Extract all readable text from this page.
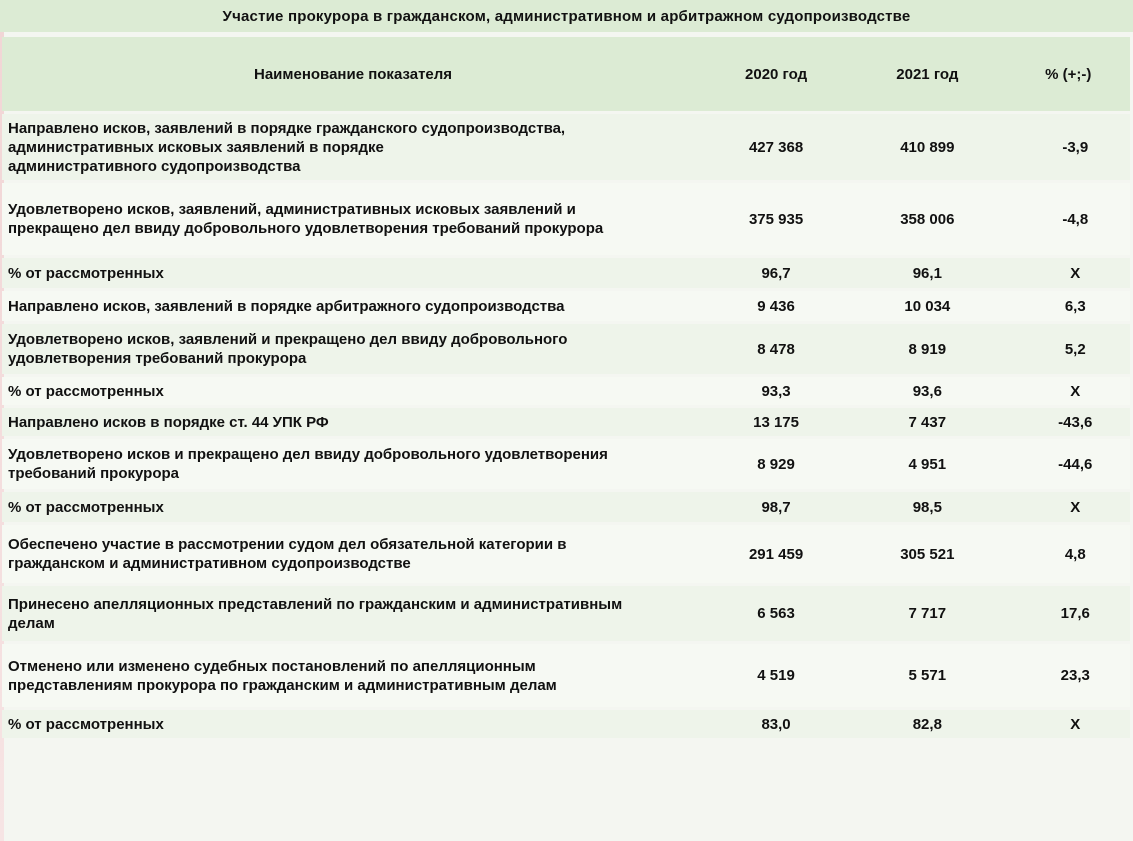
Участие прокурора в гражданском, административном и арбитражном судопроизводстве
Наименование показателя	2020 год	2021 год	% (+;-)
Направлено исков, заявлений в порядке гражданского судопроизводства,
административных исковых заявлений в порядке
административного судопроизводства	427 368	410 899	-3,9
Удовлетворено исков, заявлений, административных исковых заявлений и
прекращено дел ввиду добровольного удовлетворения требований прокурора	375 935	358 006	-4,8
% от рассмотренных	96,7	96,1	Х
Направлено исков, заявлений в порядке арбитражного судопроизводства	9 436	10 034	6,3
Удовлетворено исков, заявлений и прекращено дел ввиду добровольного
удовлетворения требований прокурора	8 478	8 919	5,2
% от рассмотренных	93,3	93,6	Х
Направлено исков в порядке ст. 44 УПК РФ	13 175	7 437	-43,6
Удовлетворено исков и прекращено дел ввиду добровольного удовлетворения
требований прокурора	8 929	4 951	-44,6
% от рассмотренных	98,7	98,5	Х
Обеспечено участие в рассмотрении судом дел обязательной категории в
гражданском и административном судопроизводстве	291 459	305 521	4,8
Принесено апелляционных представлений по гражданским и административным
делам	6 563	7 717	17,6
Отменено или изменено судебных постановлений по апелляционным
представлениям прокурора по гражданским и административным делам	4 519	5 571	23,3
% от рассмотренных	83,0	82,8	Х
